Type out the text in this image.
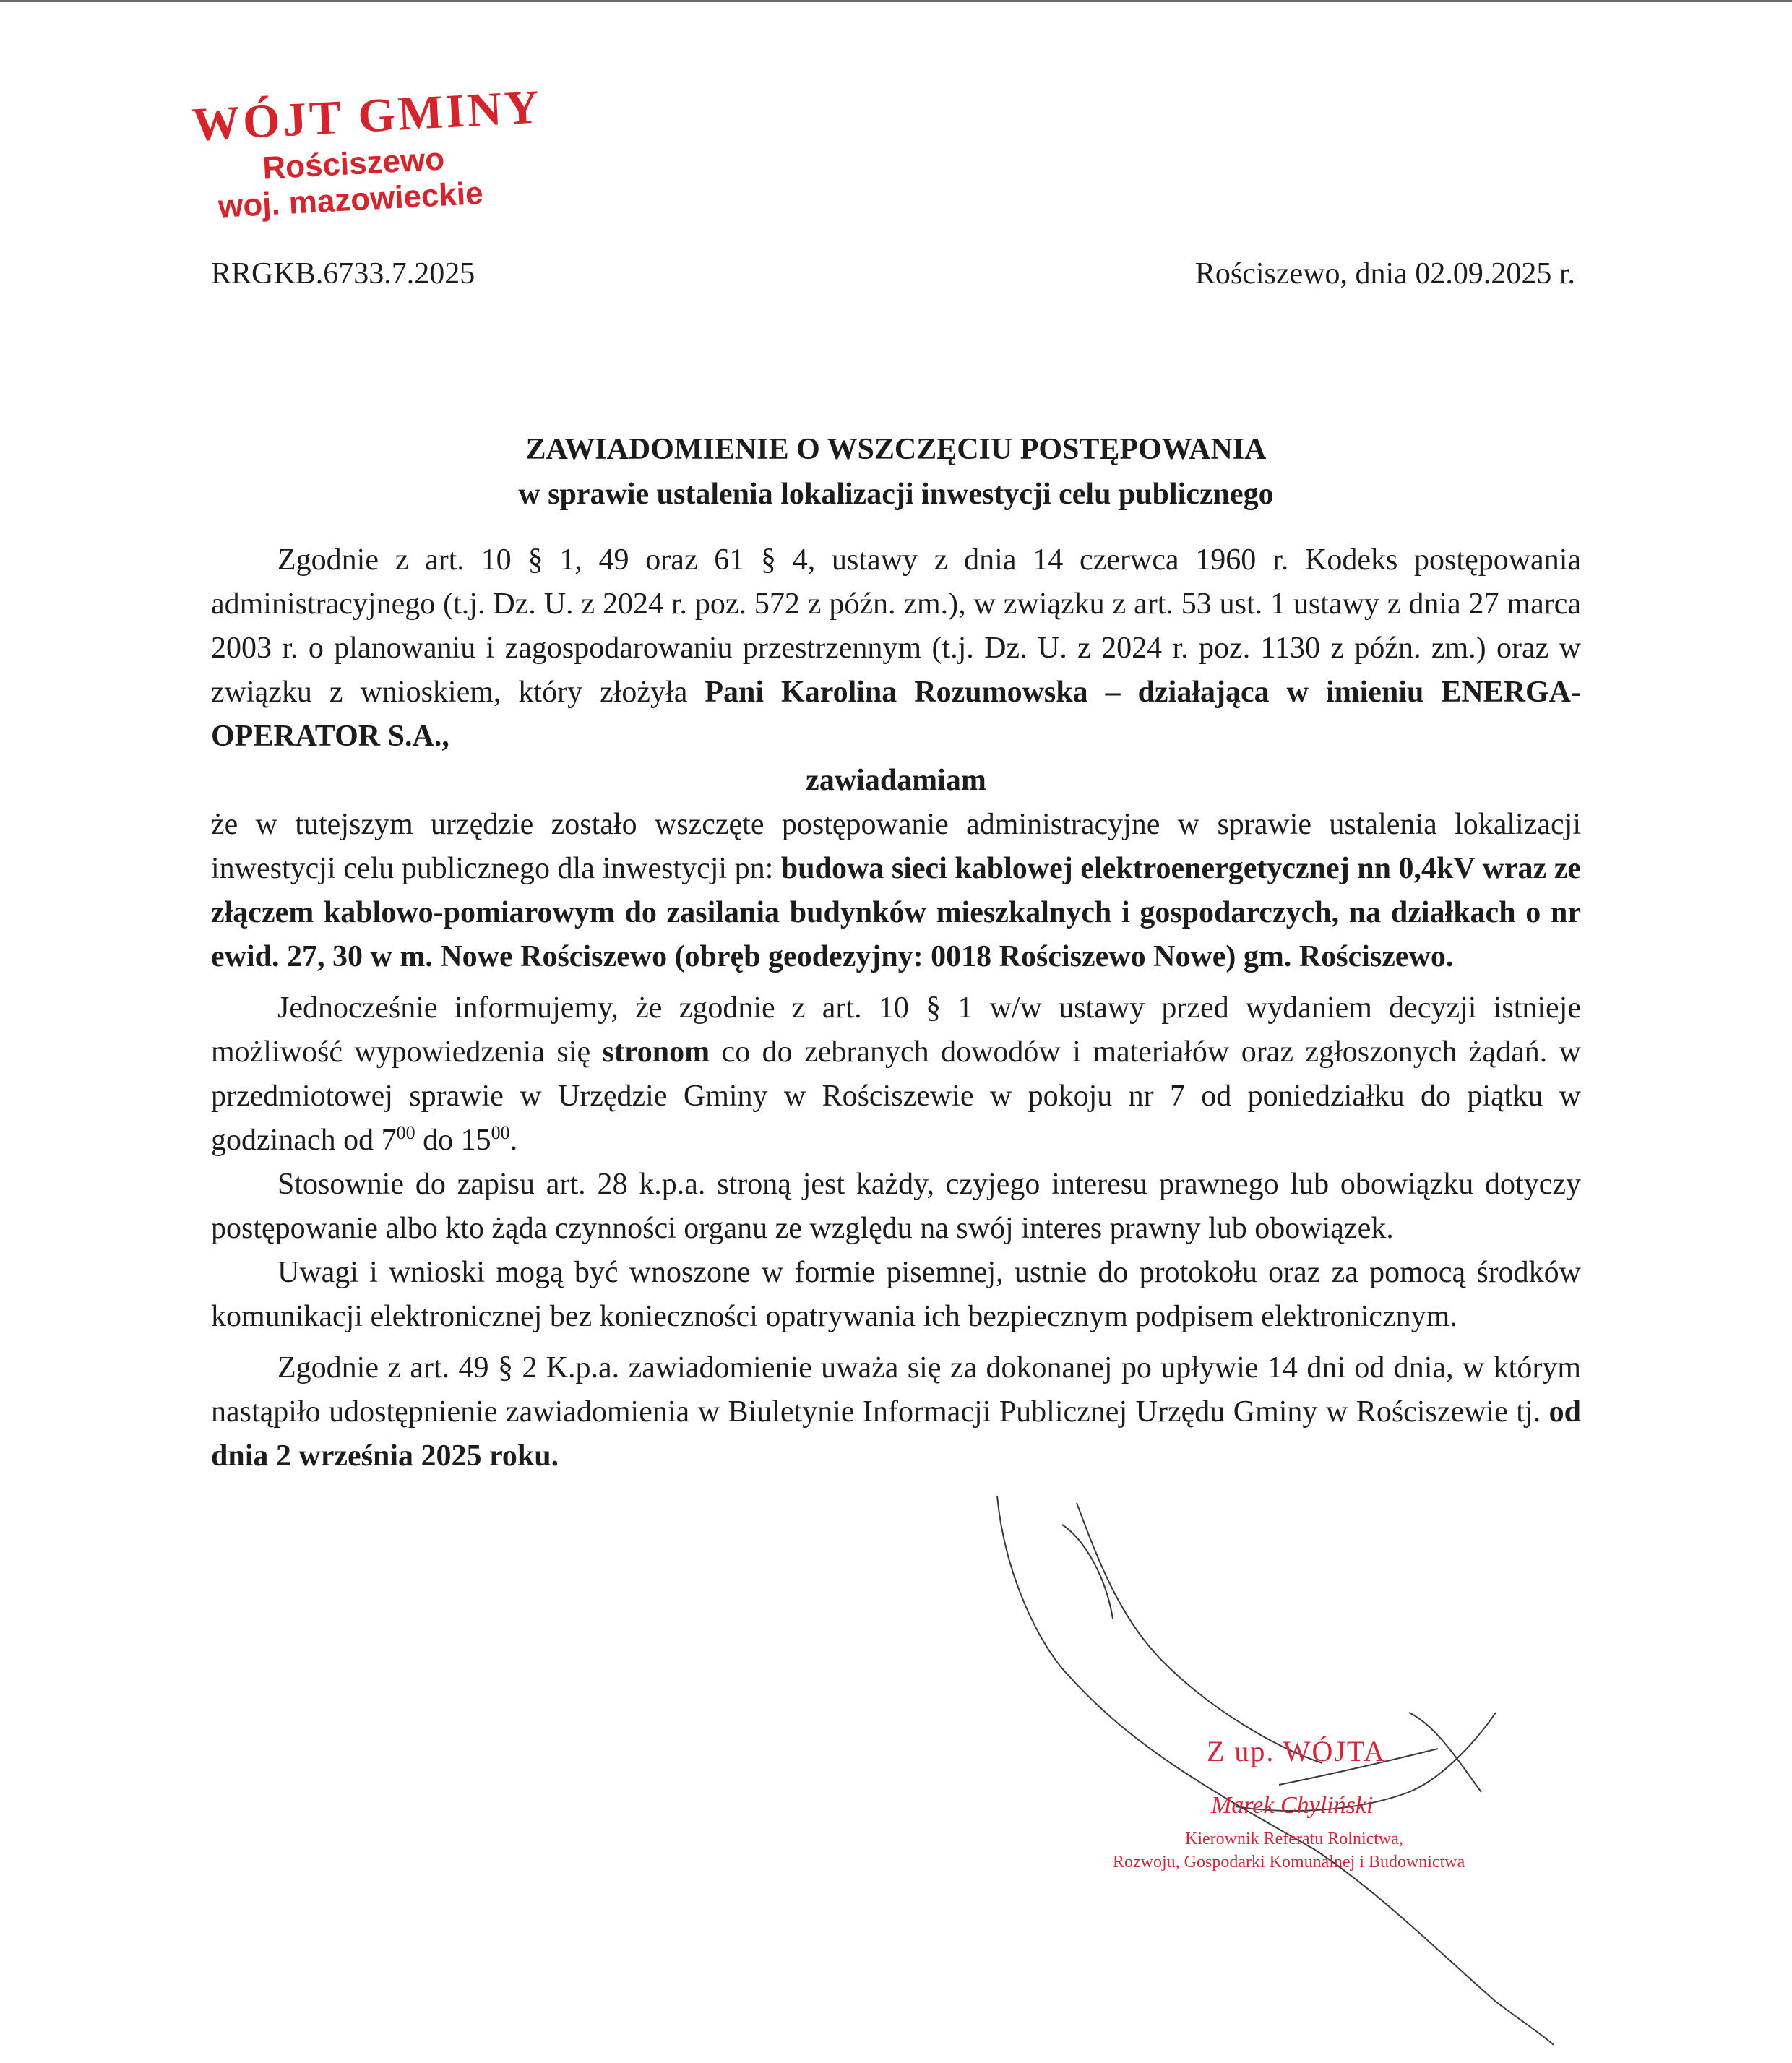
WÓJT GMINY
Rościszewo
woj. mazowieckie
RRGKB.6733.7.2025	Rościszewo, dnia 02.09.2025 r.
ZAWIADOMIENIE O WSZCZĘCIU POSTĘPOWANIA
w sprawie ustalenia lokalizacji inwestycji celu publicznego

Zgodnie z art. 10 § 1, 49 oraz 61 § 4, ustawy z dnia 14 czerwca 1960 r. Kodeks postępowania administracyjnego (t.j. Dz. U. z 2024 r. poz. 572 z późn. zm.), w związku z art. 53 ust. 1 ustawy z dnia 27 marca 2003 r. o planowaniu i zagospodarowaniu przestrzennym (t.j. Dz. U. z 2024 r. poz. 1130 z późn. zm.) oraz w związku z wnioskiem, który złożyła Pani Karolina Rozumowska – działająca w imieniu ENERGA-OPERATOR S.A.,

zawiadamiam

że w tutejszym urzędzie zostało wszczęte postępowanie administracyjne w sprawie ustalenia lokalizacji inwestycji celu publicznego dla inwestycji pn: budowa sieci kablowej elektroenergetycznej nn 0,4kV wraz ze złączem kablowo-pomiarowym do zasilania budynków mieszkalnych i gospodarczych, na działkach o nr ewid. 27, 30 w m. Nowe Rościszewo (obręb geodezyjny: 0018 Rościszewo Nowe) gm. Rościszewo.

Jednocześnie informujemy, że zgodnie z art. 10 § 1 w/w ustawy przed wydaniem decyzji istnieje możliwość wypowiedzenia się stronom co do zebranych dowodów i materiałów oraz zgłoszonych żądań. w przedmiotowej sprawie w Urzędzie Gminy w Rościszewie w pokoju nr 7 od poniedziałku do piątku w godzinach od $7^{00}$ do $15^{00}$.

Stosownie do zapisu art. 28 k.p.a. stroną jest każdy, czyjego interesu prawnego lub obowiązku dotyczy postępowanie albo kto żąda czynności organu ze względu na swój interes prawny lub obowiązek.

Uwagi i wnioski mogą być wnoszone w formie pisemnej, ustnie do protokołu oraz za pomocą środków komunikacji elektronicznej bez konieczności opatrywania ich bezpiecznym podpisem elektronicznym.

Zgodnie z art. 49 § 2 K.p.a. zawiadomienie uważa się za dokonanej po upływie 14 dni od dnia, w którym nastąpiło udostępnienie zawiadomienia w Biuletynie Informacji Publicznej Urzędu Gminy w Rościszewie tj. od dnia 2 września 2025 roku.

Z up. WÓJTA
Marek Chyliński
Kierownik Referatu Rolnictwa,
Rozwoju, Gospodarki Komunalnej i Budownictwa
